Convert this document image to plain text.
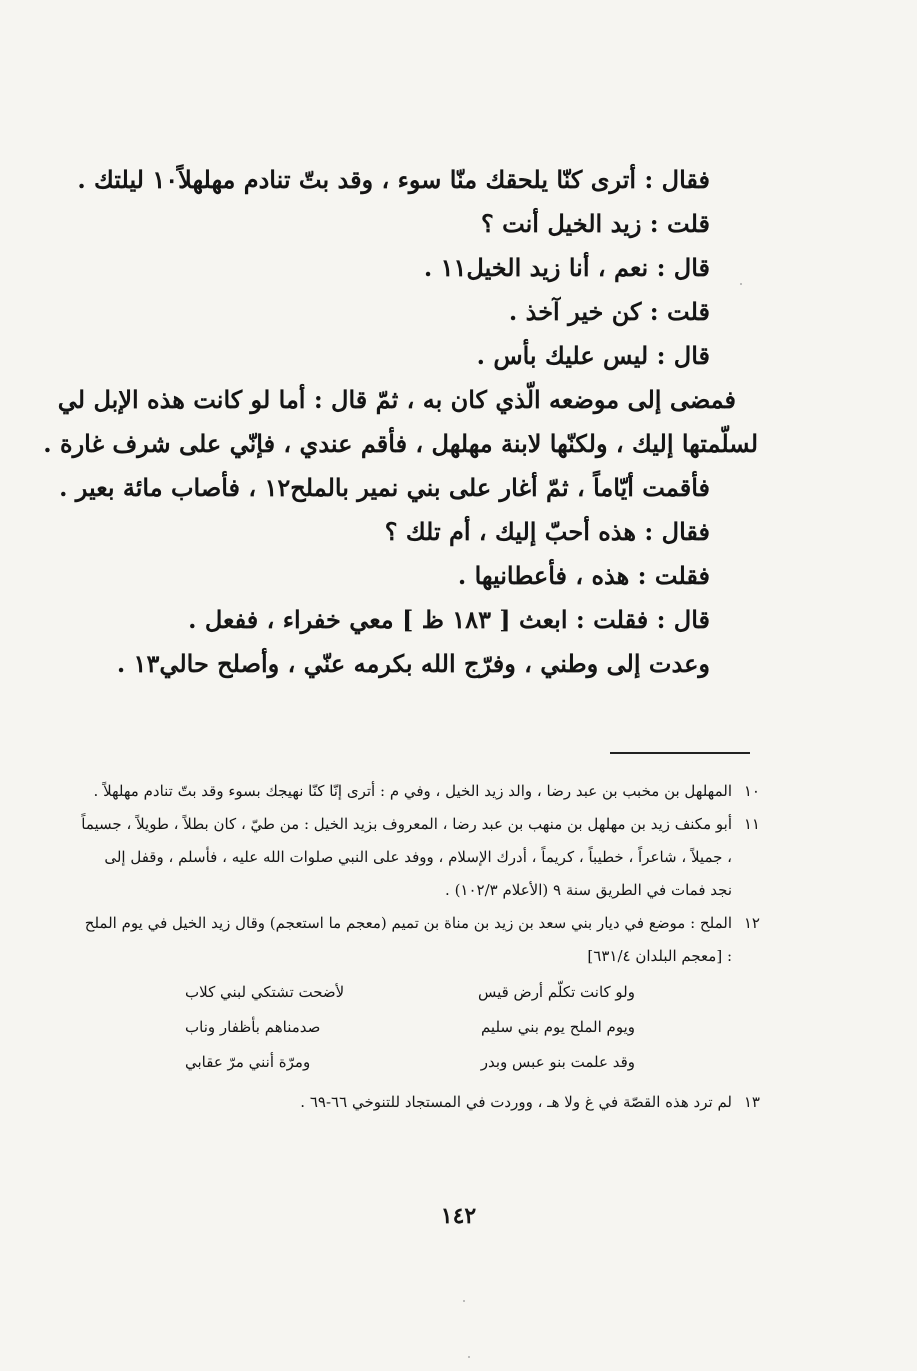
فقال : أترى كنّا يلحقك منّا سوء ، وقد بتّ تنادم مهلهلاً١٠ ليلتك .
قلت : زيد الخيل أنت ؟
قال : نعم ، أنا زيد الخيل١١ .
قلت : كن خير آخذ .
قال : ليس عليك بأس .
فمضى إلى موضعه الّذي كان به ، ثمّ قال : أما لو كانت هذه الإبل لي
لسلّمتها إليك ، ولكنّها لابنة مهلهل ، فأقم عندي ، فإنّي على شرف غارة .
فأقمت أيّاماً ، ثمّ أغار على بني نمير بالملح١٢ ، فأصاب مائة بعير .
فقال : هذه أحبّ إليك ، أم تلك ؟
فقلت : هذه ، فأعطانيها .
قال : فقلت : ابعث [ ١٨٣ ظ ] معي خفراء ، ففعل .
وعدت إلى وطني ، وفرّج الله بكرمه عنّي ، وأصلح حالي١٣ .
١٠
المهلهل بن مخبب بن عبد رضا ، والد زيد الخيل ، وفي م : أترى إنّا كنّا نهيجك بسوء وقد بتّ تنادم مهلهلاً .
١١
أبو مكنف زيد بن مهلهل بن منهب بن عبد رضا ، المعروف بزيد الخيل : من طيّ ، كان بطلاً ، طويلاً ، جسيماً ، جميلاً ، شاعراً ، خطيباً ، كريماً ، أدرك الإسلام ، ووفد على النبي صلوات الله عليه ، فأسلم ، وقفل إلى نجد فمات في الطريق سنة ٩ (الأعلام ١٠٢/٣) .
١٢
الملح : موضع في ديار بني سعد بن زيد بن مناة بن تميم (معجم ما استعجم) وقال زيد الخيل في يوم الملح : [معجم البلدان ٦٣١/٤]
ولو كانت تكلّم أرض قيس
لأضحت تشتكي لبني كلاب
ويوم الملح يوم بني سليم
صدمناهم بأظفار وناب
وقد علمت بنو عبس وبدر
ومرّة أنني مرّ عقابي
١٣
لم ترد هذه القصّة في غ ولا هـ ، ووردت في المستجاد للتنوخي ٦٦-٦٩ .
١٤٢
